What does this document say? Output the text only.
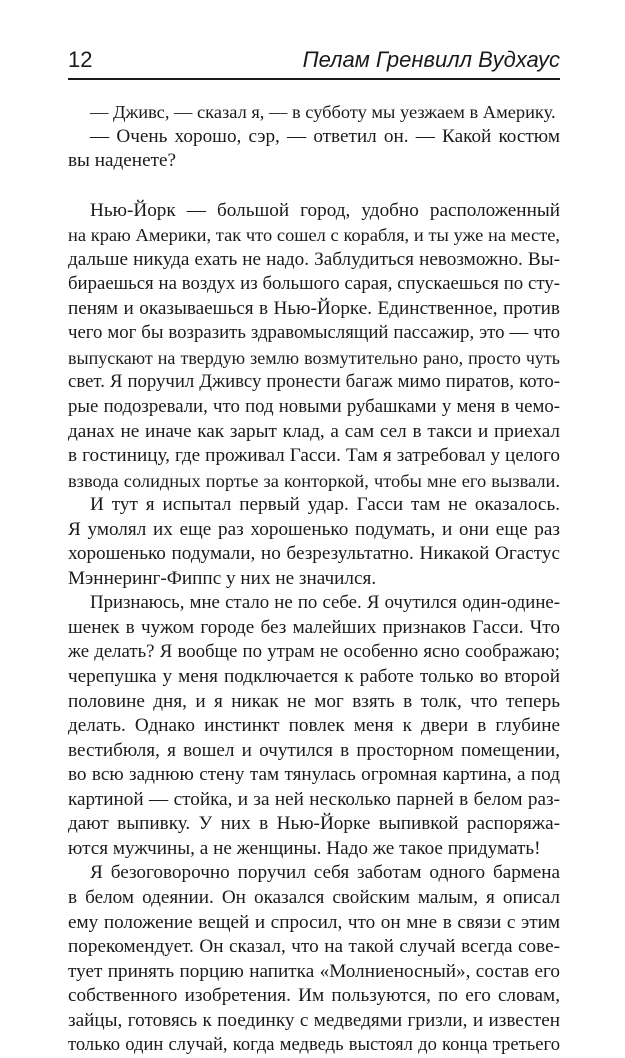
12	Пелам Гренвилл Вудхаус
— Дживс, — сказал я, — в субботу мы уезжаем в Америку.
— Очень хорошо, сэр, — ответил он. — Какой костюм
вы наденете?
Нью-Йорк — большой город, удобно расположенный
на краю Америки, так что сошел с корабля, и ты уже на месте,
дальше никуда ехать не надо. Заблудиться невозможно. Вы-
бираешься на воздух из большого сарая, спускаешься по сту-
пеням и оказываешься в Нью-Йорке. Единственное, против
чего мог бы возразить здравомыслящий пассажир, это — что
выпускают на твердую землю возмутительно рано, просто чуть
свет. Я поручил Дживсу пронести багаж мимо пиратов, кото-
рые подозревали, что под новыми рубашками у меня в чемо-
данах не иначе как зарыт клад, а сам сел в такси и приехал
в гостиницу, где проживал Гасси. Там я затребовал у целого
взвода солидных портье за конторкой, чтобы мне его вызвали.
И тут я испытал первый удар. Гасси там не оказалось.
Я умолял их еще раз хорошенько подумать, и они еще раз
хорошенько подумали, но безрезультатно. Никакой Огастус
Мэннеринг-Фиппс у них не значился.
Признаюсь, мне стало не по себе. Я очутился один-одине-
шенек в чужом городе без малейших признаков Гасси. Что
же делать? Я вообще по утрам не особенно ясно соображаю;
черепушка у меня подключается к работе только во второй
половине дня, и я никак не мог взять в толк, что теперь
делать. Однако инстинкт повлек меня к двери в глубине
вестибюля, я вошел и очутился в просторном помещении,
во всю заднюю стену там тянулась огромная картина, а под
картиной — стойка, и за ней несколько парней в белом раз-
дают выпивку. У них в Нью-Йорке выпивкой распоряжа-
ются мужчины, а не женщины. Надо же такое придумать!
Я безоговорочно поручил себя заботам одного бармена
в белом одеянии. Он оказался свойским малым, я описал
ему положение вещей и спросил, что он мне в связи с этим
порекомендует. Он сказал, что на такой случай всегда сове-
тует принять порцию напитка «Молниеносный», состав его
собственного изобретения. Им пользуются, по его словам,
зайцы, готовясь к поединку с медведями гризли, и известен
только один случай, когда медведь выстоял до конца третьего
